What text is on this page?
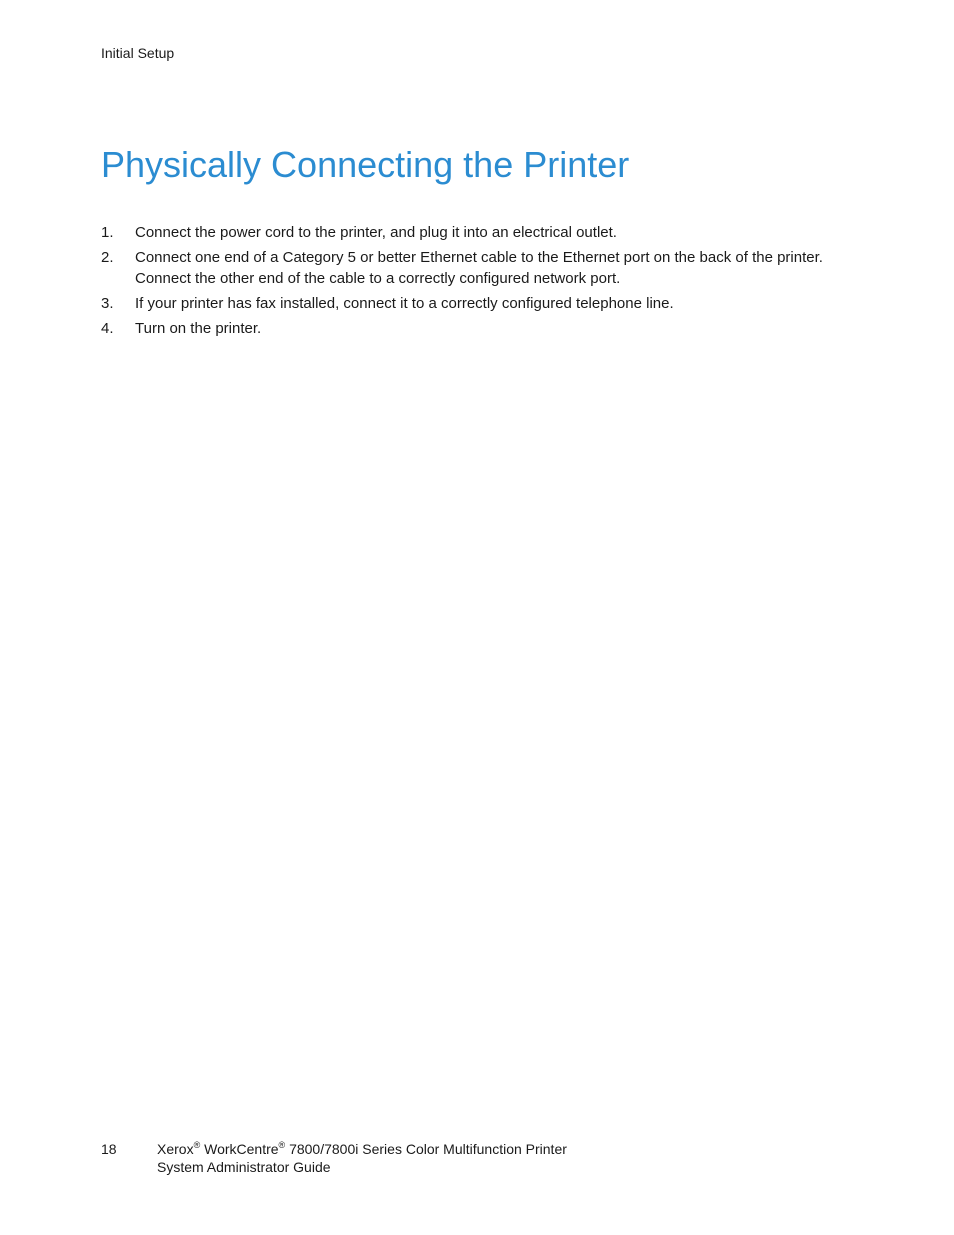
Initial Setup
Physically Connecting the Printer
1. Connect the power cord to the printer, and plug it into an electrical outlet.
2. Connect one end of a Category 5 or better Ethernet cable to the Ethernet port on the back of the printer. Connect the other end of the cable to a correctly configured network port.
3. If your printer has fax installed, connect it to a correctly configured telephone line.
4. Turn on the printer.
18	Xerox® WorkCentre® 7800/7800i Series Color Multifunction Printer
System Administrator Guide
